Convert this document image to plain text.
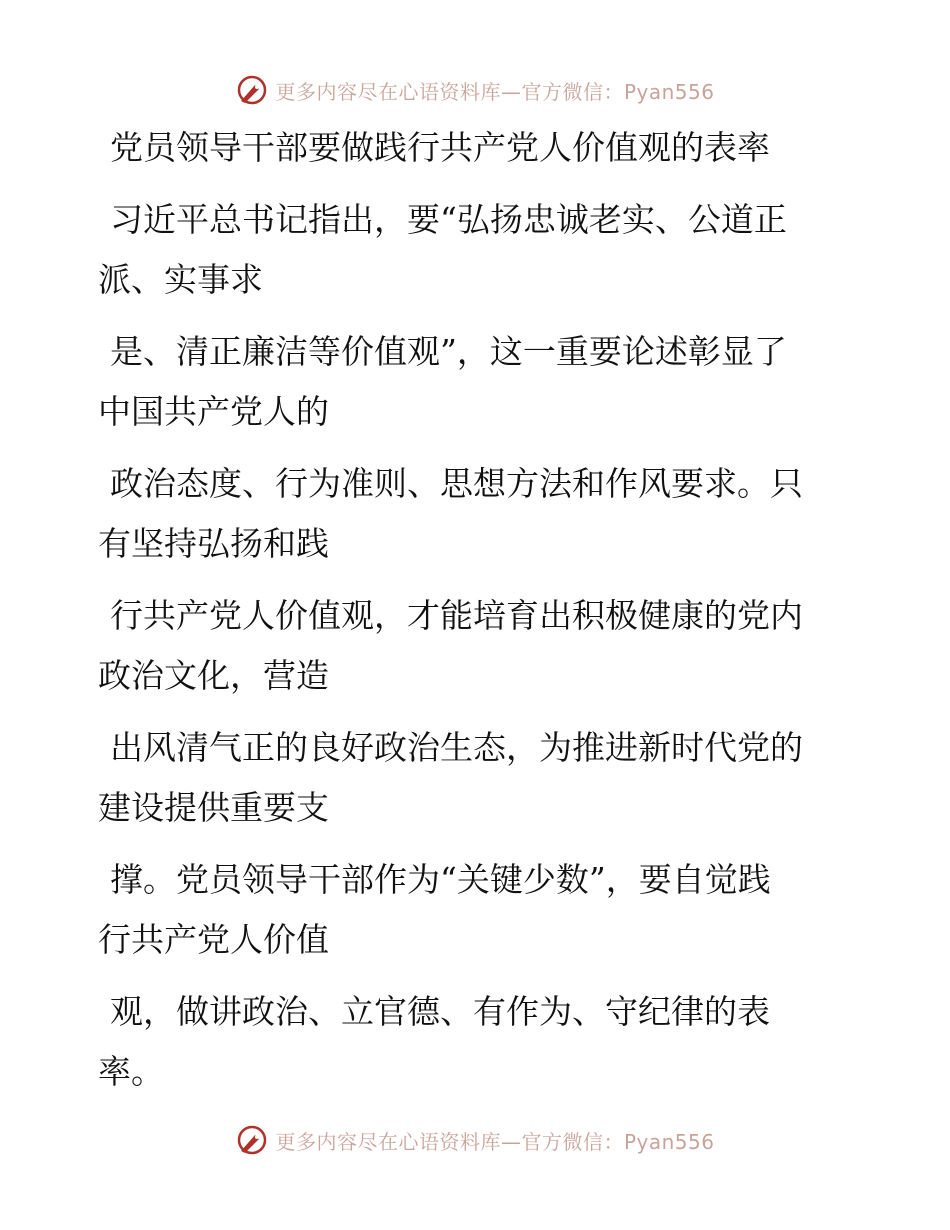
更多内容尽在心语资料库—官方微信：Pyan556
党员领导干部要做践行共产党人价值观的表率

习近平总书记指出，要“弘扬忠诚老实、公道正
派、实事求

是、清正廉洁等价值观”，这一重要论述彰显了
中国共产党人的

政治态度、行为准则、思想方法和作风要求。只
有坚持弘扬和践

行共产党人价值观，才能培育出积极健康的党内
政治文化，营造

出风清气正的良好政治生态，为推进新时代党的
建设提供重要支

撑。党员领导干部作为“关键少数”，要自觉践
行共产党人价值

观，做讲政治、立官德、有作为、守纪律的表
率。

更多内容尽在心语资料库—官方微信：Pyan556
